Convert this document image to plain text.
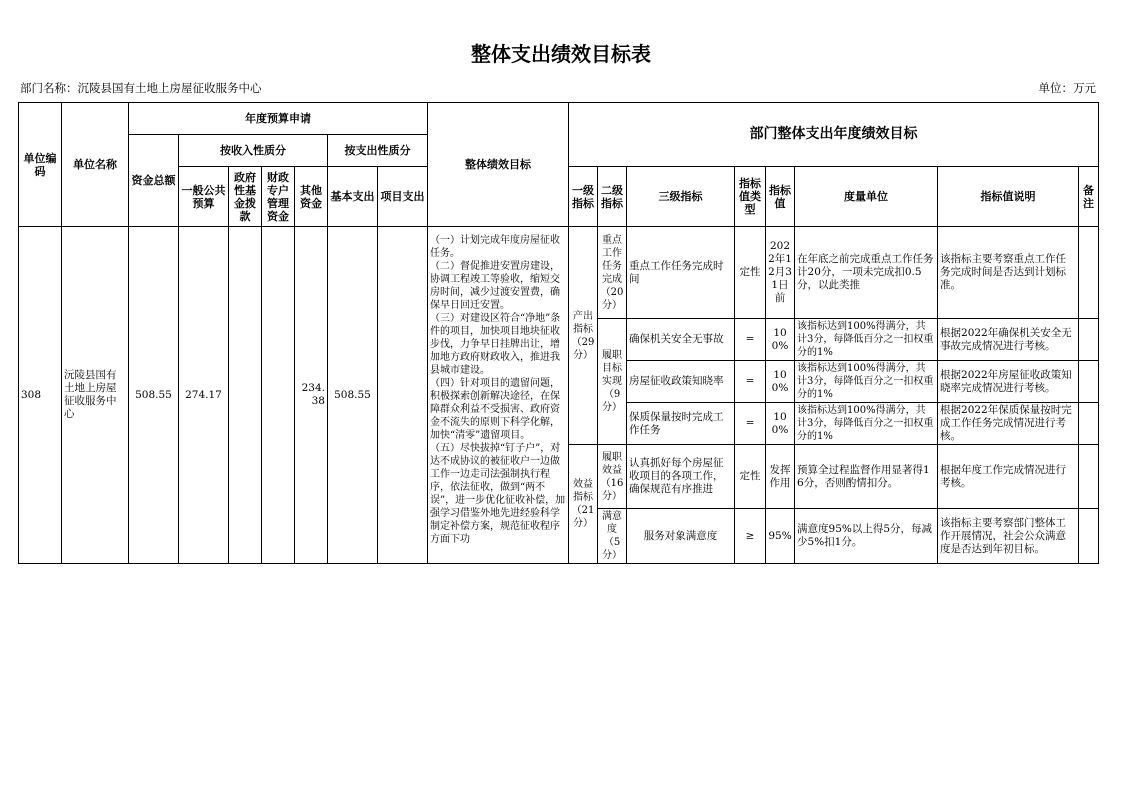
整体支出绩效目标表
部门名称：沉陵县国有土地上房屋征收服务中心	单位：万元
单位编码	单位名称	年度预算申请							整体绩效目标	部门整体支出年度绩效目标							
		资金总额	按收入性质分				按支出性质分										
			一般公共预算	政府性基金拨款	财政专户管理资金	其他资金	基本支出	项目支出		一级指标	二级指标	三级指标	指标值类型	指标值	度量单位	指标值说明	备注
308	沅陵县国有土地上房屋征收服务中心	508.55	274.17			234.38	508.55		（一）计划完成年度房屋征收任务。
（二）督促推进安置房建设，协调工程竣工等验收，缩短交房时间，减少过渡安置费，确保早日回迁安置。
（三）对建设区符合“净地”条件的项目，加快项目地块征收步伐，力争早日挂牌出让，增加地方政府财政收入，推进我县城市建设。
（四）针对项目的遗留问题，积极探索创新解决途径，在保障群众利益不受损害、政府资金不流失的原则下科学化解，加快“清零”遗留项目。
（五）尽快拔掉“钉子户”，对达不成协议的被征收户一边做工作一边走司法强制执行程序，依法征收，做到“两不误”，进一步优化征收补偿，加强学习借鉴外地先进经验科学制定补偿方案，规范征收程序方面下功	产出指标（29分）	重点工作任务完成（20分）	重点工作任务完成时间	定性	2022年12月31日前	在年底之前完成重点工作任务计20分，一项未完成扣0.5分，以此类推	该指标主要考察重点工作任务完成时间是否达到计划标准。	
											履职目标实现（9分）	确保机关安全无事故	=	100%	该指标达到100%得满分，共计3分，每降低百分之一扣权重分的1%	根据2022年确保机关安全无事故完成情况进行考核。	
												房屋征收政策知晓率	=	100%	该指标达到100%得满分，共计3分，每降低百分之一扣权重分的1%	根据2022年房屋征收政策知晓率完成情况进行考核。	
												保质保量按时完成工作任务	=	100%	该指标达到100%得满分，共计3分，每降低百分之一扣权重分的1%	根据2022年保质保量按时完成工作任务完成情况进行考核。	
										效益指标（21分）	履职效益（16分）	认真抓好每个房屋征收项目的各项工作，确保规范有序推进	定性	发挥作用	预算全过程监督作用显著得16分，否则酌情扣分。	根据年度工作完成情况进行考核。	
											满意度（5分）	服务对象满意度	≥	95%	满意度95%以上得5分，每减少5%扣1分。	该指标主要考察部门整体工作开展情况，社会公众满意度是否达到年初目标。	
